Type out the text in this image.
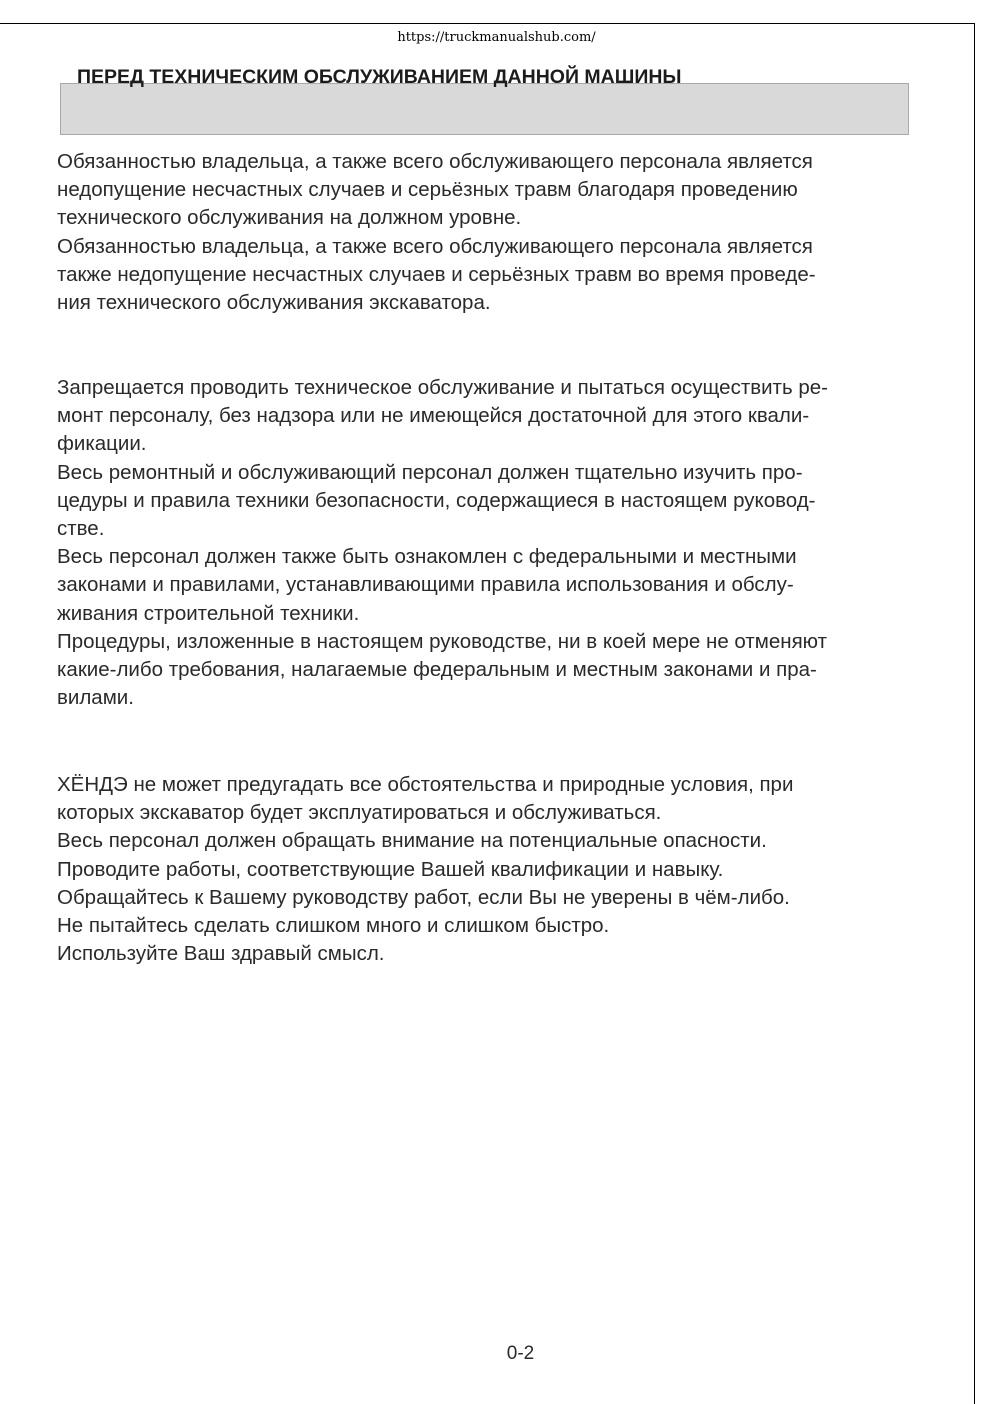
https://truckmanualshub.com/
ПЕРЕД ТЕХНИЧЕСКИМ ОБСЛУЖИВАНИЕМ ДАННОЙ МАШИНЫ
Обязанностью владельца, а также всего обслуживающего персонала является
недопущение несчастных случаев и серьёзных травм благодаря проведению
технического обслуживания на должном уровне.
Обязанностью владельца, а также всего обслуживающего персонала является
также недопущение несчастных случаев и серьёзных травм во время проведе-
ния технического обслуживания экскаватора.
Запрещается проводить техническое обслуживание и пытаться осуществить ре-
монт персоналу, без надзора или не имеющейся достаточной для этого квали-
фикации.
Весь ремонтный и обслуживающий персонал должен тщательно изучить про-
цедуры и правила техники безопасности, содержащиеся в настоящем руковод-
стве.
Весь персонал должен также быть ознакомлен с федеральными и местными
законами и правилами, устанавливающими правила использования и обслу-
живания строительной техники.
Процедуры, изложенные в настоящем руководстве, ни в коей мере не отменяют
какие-либо требования, налагаемые федеральным и местным законами и пра-
вилами.
ХЁНДЭ не может предугадать все обстоятельства и природные условия, при
которых экскаватор будет эксплуатироваться и обслуживаться.
Весь персонал должен обращать внимание на потенциальные опасности.
Проводите работы, соответствующие Вашей квалификации и навыку.
Обращайтесь к Вашему руководству работ, если Вы не уверены в чём-либо.
Не пытайтесь сделать слишком много и слишком быстро.
Используйте Ваш здравый смысл.
0-2
